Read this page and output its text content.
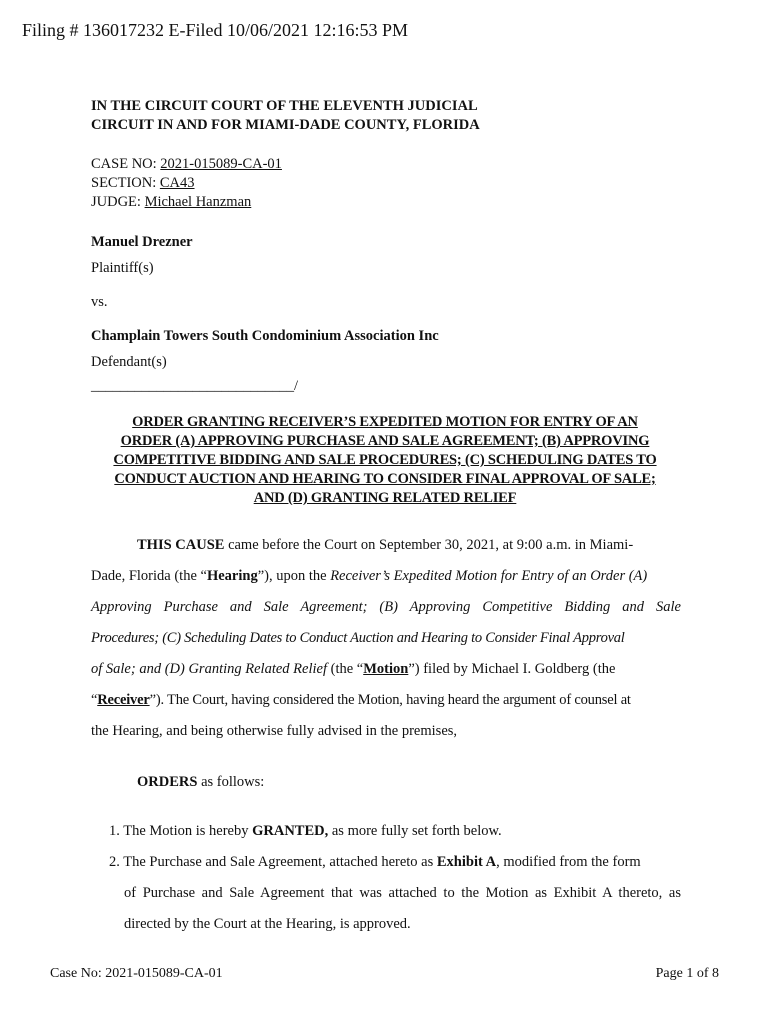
Filing # 136017232 E-Filed 10/06/2021 12:16:53 PM
IN THE CIRCUIT COURT OF THE ELEVENTH JUDICIAL
CIRCUIT IN AND FOR MIAMI-DADE COUNTY, FLORIDA
CASE NO: 2021-015089-CA-01
SECTION: CA43
JUDGE: Michael Hanzman
Manuel Drezner
Plaintiff(s)
vs.
Champlain Towers South Condominium Association Inc
Defendant(s)
____________________________/
ORDER GRANTING RECEIVER’S EXPEDITED MOTION FOR ENTRY OF AN
ORDER (A) APPROVING PURCHASE AND SALE AGREEMENT; (B) APPROVING
COMPETITIVE BIDDING AND SALE PROCEDURES; (C) SCHEDULING DATES TO
CONDUCT AUCTION AND HEARING TO CONSIDER FINAL APPROVAL OF SALE;
AND (D) GRANTING RELATED RELIEF
THIS CAUSE came before the Court on September 30, 2021, at 9:00 a.m. in Miami-
Dade, Florida (the “Hearing”), upon the Receiver’s Expedited Motion for Entry of an Order (A)
Approving Purchase and Sale Agreement; (B) Approving Competitive Bidding and Sale
Procedures; (C) Scheduling Dates to Conduct Auction and Hearing to Consider Final Approval
of Sale; and (D) Granting Related Relief (the “Motion”) filed by Michael I. Goldberg (the
“Receiver”). The Court, having considered the Motion, having heard the argument of counsel at
the Hearing, and being otherwise fully advised in the premises,
ORDERS as follows:
1. The Motion is hereby GRANTED, as more fully set forth below.
2. The Purchase and Sale Agreement, attached hereto as Exhibit A, modified from the form
of Purchase and Sale Agreement that was attached to the Motion as Exhibit A thereto, as
directed by the Court at the Hearing, is approved.
Case No: 2021-015089-CA-01	Page 1 of 8
